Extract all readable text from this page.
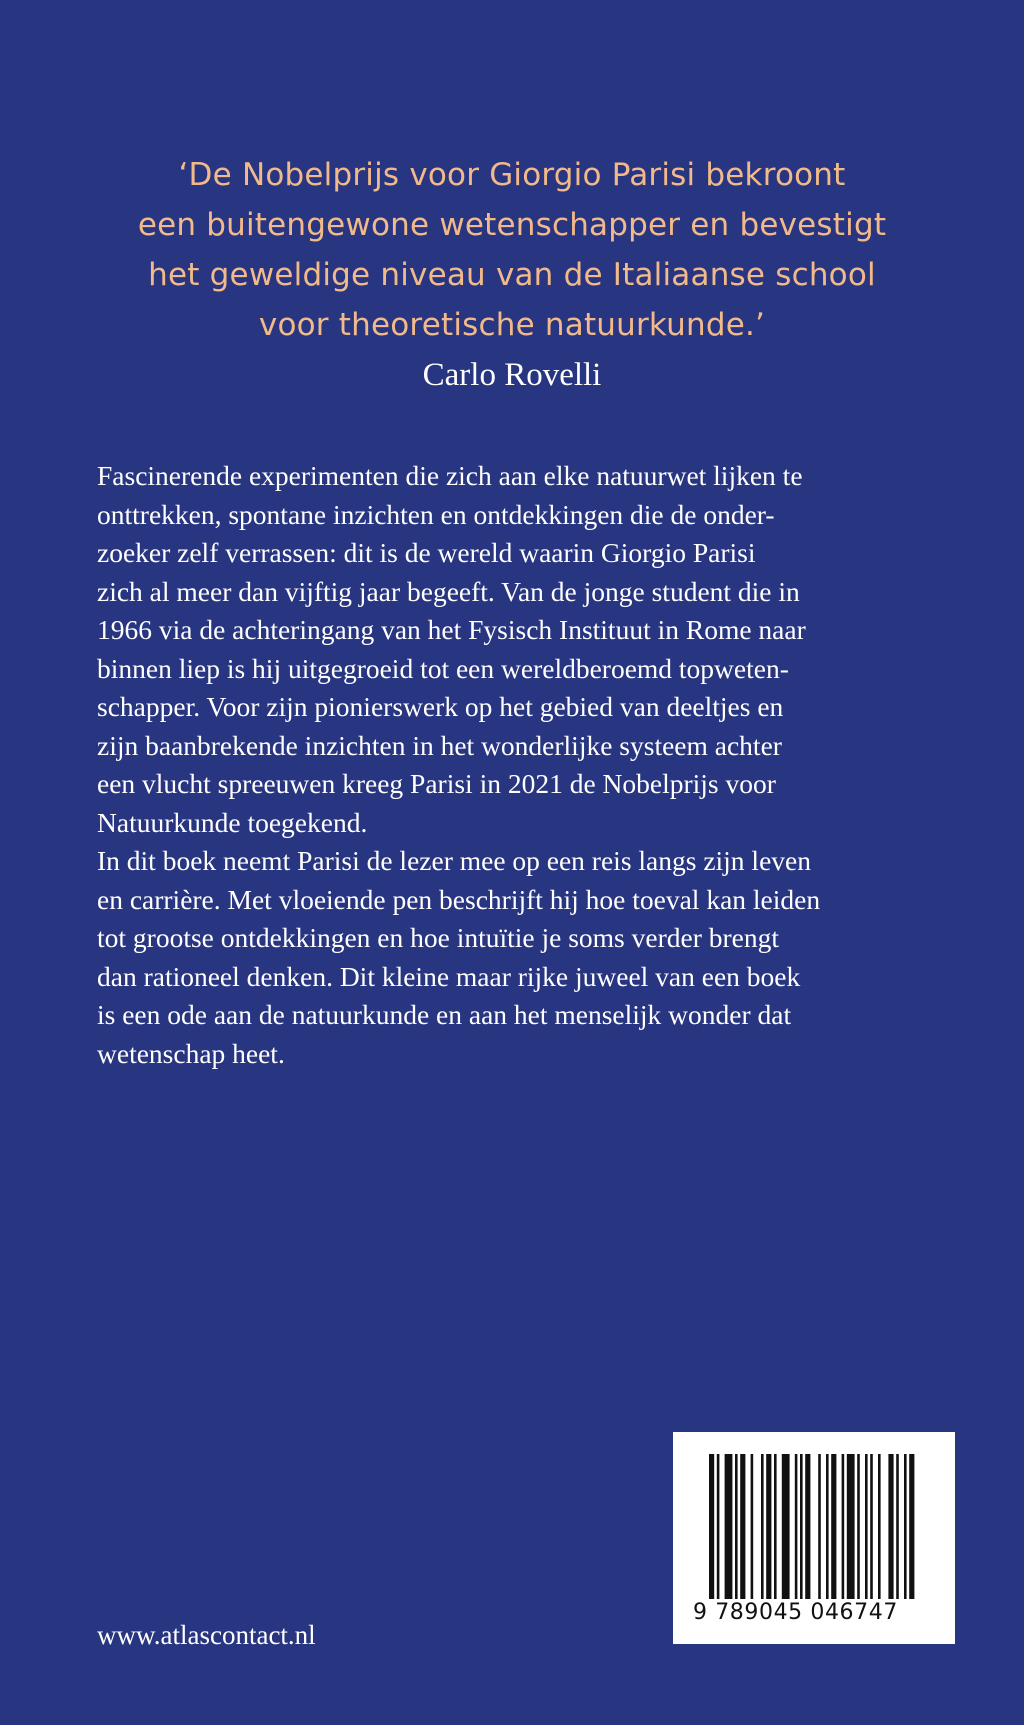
‘De Nobelprijs voor Giorgio Parisi bekroont
een buitengewone wetenschapper en bevestigt
het geweldige niveau van de Italiaanse school
voor theoretische natuurkunde.’
Carlo Rovelli
Fascinerende experimenten die zich aan elke natuurwet lijken te
onttrekken, spontane inzichten en ontdekkingen die de onder-
zoeker zelf verrassen: dit is de wereld waarin Giorgio Parisi
zich al meer dan vijftig jaar begeeft. Van de jonge student die in
1966 via de achteringang van het Fysisch Instituut in Rome naar
binnen liep is hij uitgegroeid tot een wereldberoemd topweten-
schapper. Voor zijn pionierswerk op het gebied van deeltjes en
zijn baanbrekende inzichten in het wonderlijke systeem achter
een vlucht spreeuwen kreeg Parisi in 2021 de Nobelprijs voor
Natuurkunde toegekend.
In dit boek neemt Parisi de lezer mee op een reis langs zijn leven
en carrière. Met vloeiende pen beschrijft hij hoe toeval kan leiden
tot grootse ontdekkingen en hoe intuïtie je soms verder brengt
dan rationeel denken. Dit kleine maar rijke juweel van een boek
is een ode aan de natuurkunde en aan het menselijk wonder dat
wetenschap heet.
www.atlascontact.nl
9 789045 046747
